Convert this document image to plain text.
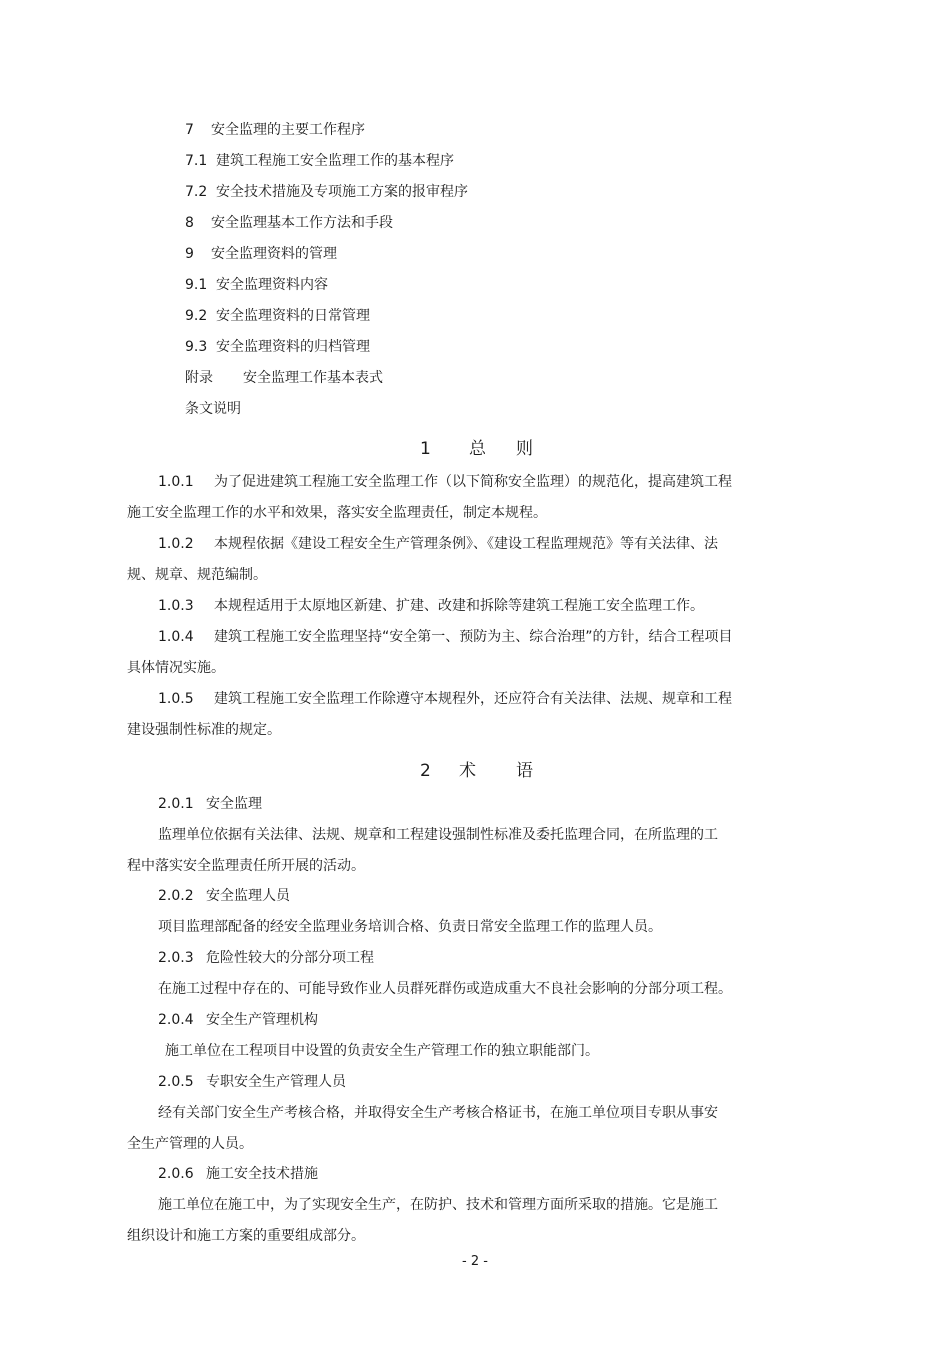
7 安全监理的主要工作程序
7.1 建筑工程施工安全监理工作的基本程序
7.2 安全技术措施及专项施工方案的报审程序
8 安全监理基本工作方法和手段
9 安全监理资料的管理
9.1 安全监理资料内容
9.2 安全监理资料的日常管理
9.3 安全监理资料的归档管理
附录 安全监理工作基本表式
条文说明
1 总 则
1.0.1 为了促进建筑工程施工安全监理工作（以下简称安全监理）的规范化，提高建筑工程
施工安全监理工作的水平和效果，落实安全监理责任，制定本规程。
1.0.2 本规程依据《建设工程安全生产管理条例》、《建设工程监理规范》等有关法律、法
规、规章、规范编制。
1.0.3 本规程适用于太原地区新建、扩建、改建和拆除等建筑工程施工安全监理工作。
1.0.4 建筑工程施工安全监理坚持“安全第一、预防为主、综合治理”的方针，结合工程项目
具体情况实施。
1.0.5 建筑工程施工安全监理工作除遵守本规程外，还应符合有关法律、法规、规章和工程
建设强制性标准的规定。
2 术 语
2.0.1 安全监理
监理单位依据有关法律、法规、规章和工程建设强制性标准及委托监理合同，在所监理的工
程中落实安全监理责任所开展的活动。
2.0.2 安全监理人员
项目监理部配备的经安全监理业务培训合格、负责日常安全监理工作的监理人员。
2.0.3 危险性较大的分部分项工程
在施工过程中存在的、可能导致作业人员群死群伤或造成重大不良社会影响的分部分项工程。
2.0.4 安全生产管理机构
施工单位在工程项目中设置的负责安全生产管理工作的独立职能部门。
2.0.5 专职安全生产管理人员
经有关部门安全生产考核合格，并取得安全生产考核合格证书，在施工单位项目专职从事安
全生产管理的人员。
2.0.6 施工安全技术措施
施工单位在施工中，为了实现安全生产，在防护、技术和管理方面所采取的措施。它是施工
组织设计和施工方案的重要组成部分。
- 2 -
